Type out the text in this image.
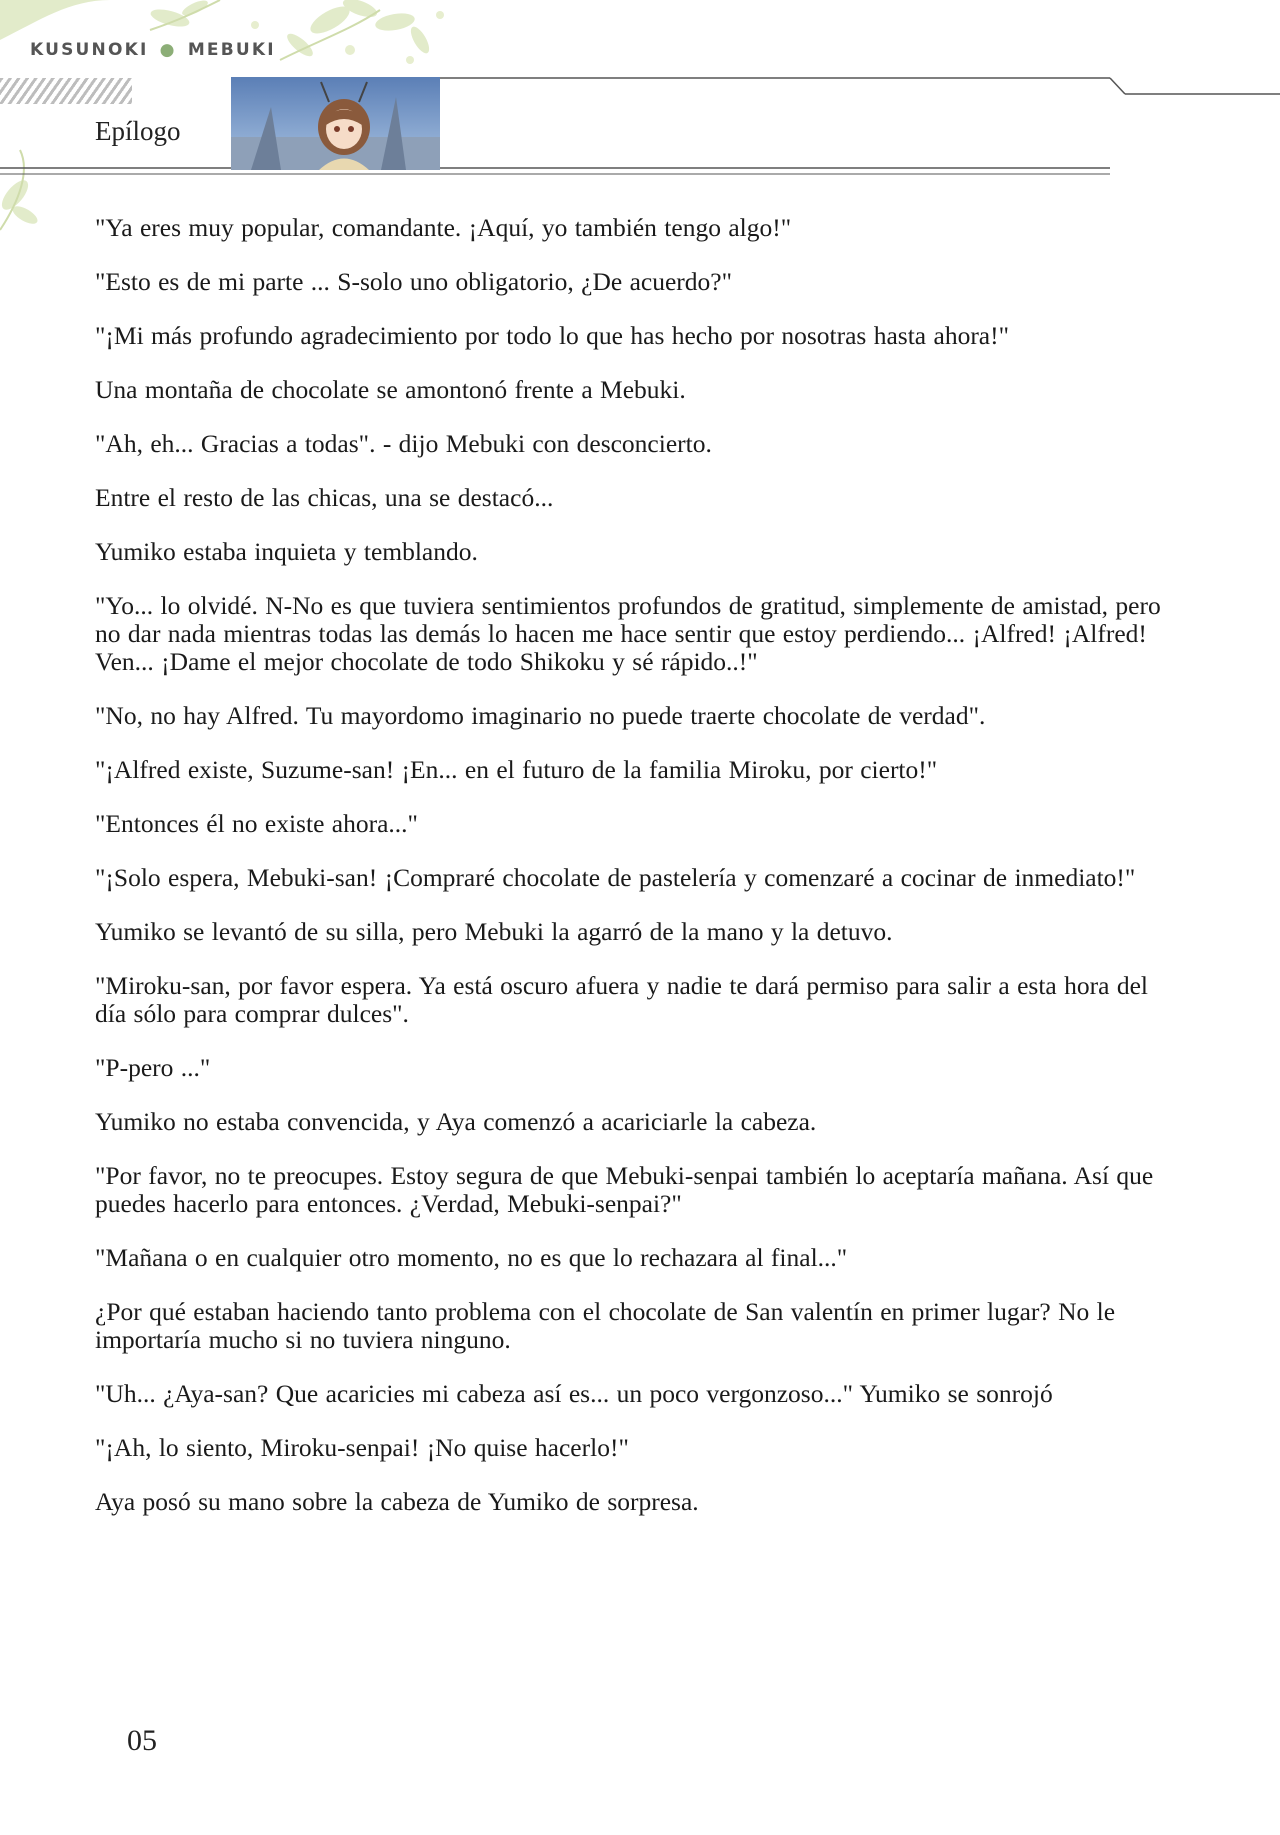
KUSUNOKI ● MEBUKI
Epílogo

"Ya eres muy popular, comandante. ¡Aquí, yo también tengo algo!"

"Esto es de mi parte ... S-solo uno obligatorio, ¿De acuerdo?"

"¡Mi más profundo agradecimiento por todo lo que has hecho por nosotras hasta ahora!"

Una montaña de chocolate se amontonó frente a Mebuki.

"Ah, eh... Gracias a todas". - dijo Mebuki con desconcierto.

Entre el resto de las chicas, una se destacó...

Yumiko estaba inquieta y temblando.

"Yo... lo olvidé. N-No es que tuviera sentimientos profundos de gratitud, simplemente de amistad, pero no dar nada mientras todas las demás lo hacen me hace sentir que estoy perdiendo... ¡Alfred! ¡Alfred! Ven... ¡Dame el mejor chocolate de todo Shikoku y sé rápido..!"

"No, no hay Alfred. Tu mayordomo imaginario no puede traerte chocolate de verdad".

"¡Alfred existe, Suzume-san! ¡En... en el futuro de la familia Miroku, por cierto!"

"Entonces él no existe ahora..."

"¡Solo espera, Mebuki-san! ¡Compraré chocolate de pastelería y comenzaré a cocinar de inmediato!"

Yumiko se levantó de su silla, pero Mebuki la agarró de la mano y la detuvo.

"Miroku-san, por favor espera. Ya está oscuro afuera y nadie te dará permiso para salir a esta hora del día sólo para comprar dulces".

"P-pero ..."

Yumiko no estaba convencida, y Aya comenzó a acariciarle la cabeza.

"Por favor, no te preocupes. Estoy segura de que Mebuki-senpai también lo aceptaría mañana. Así que puedes hacerlo para entonces. ¿Verdad, Mebuki-senpai?"

"Mañana o en cualquier otro momento, no es que lo rechazara al final..."

¿Por qué estaban haciendo tanto problema con el chocolate de San valentín en primer lugar? No le importaría mucho si no tuviera ninguno.

"Uh... ¿Aya-san? Que acaricies mi cabeza así es... un poco vergonzoso..." Yumiko se sonrojó

"¡Ah, lo siento, Miroku-senpai! ¡No quise hacerlo!"

Aya posó su mano sobre la cabeza de Yumiko de sorpresa.

05
